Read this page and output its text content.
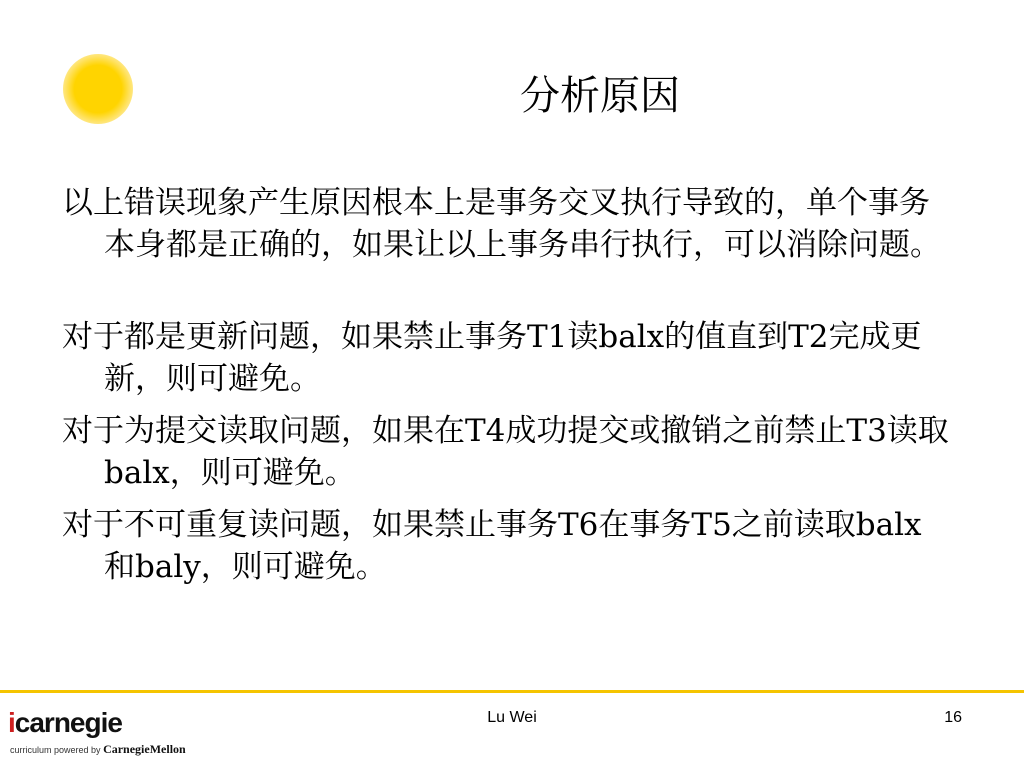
分析原因

以上错误现象产生原因根本上是事务交叉执行导致的，单个事务本身都是正确的，如果让以上事务串行执行，可以消除问题。

对于都是更新问题，如果禁止事务T1读balx的值直到T2完成更新，则可避免。

对于为提交读取问题，如果在T4成功提交或撤销之前禁止T3读取balx，则可避免。

对于不可重复读问题，如果禁止事务T6在事务T5之前读取balx和baly，则可避免。

icarnegie
curriculum powered by CarnegieMellon
Lu Wei	16
